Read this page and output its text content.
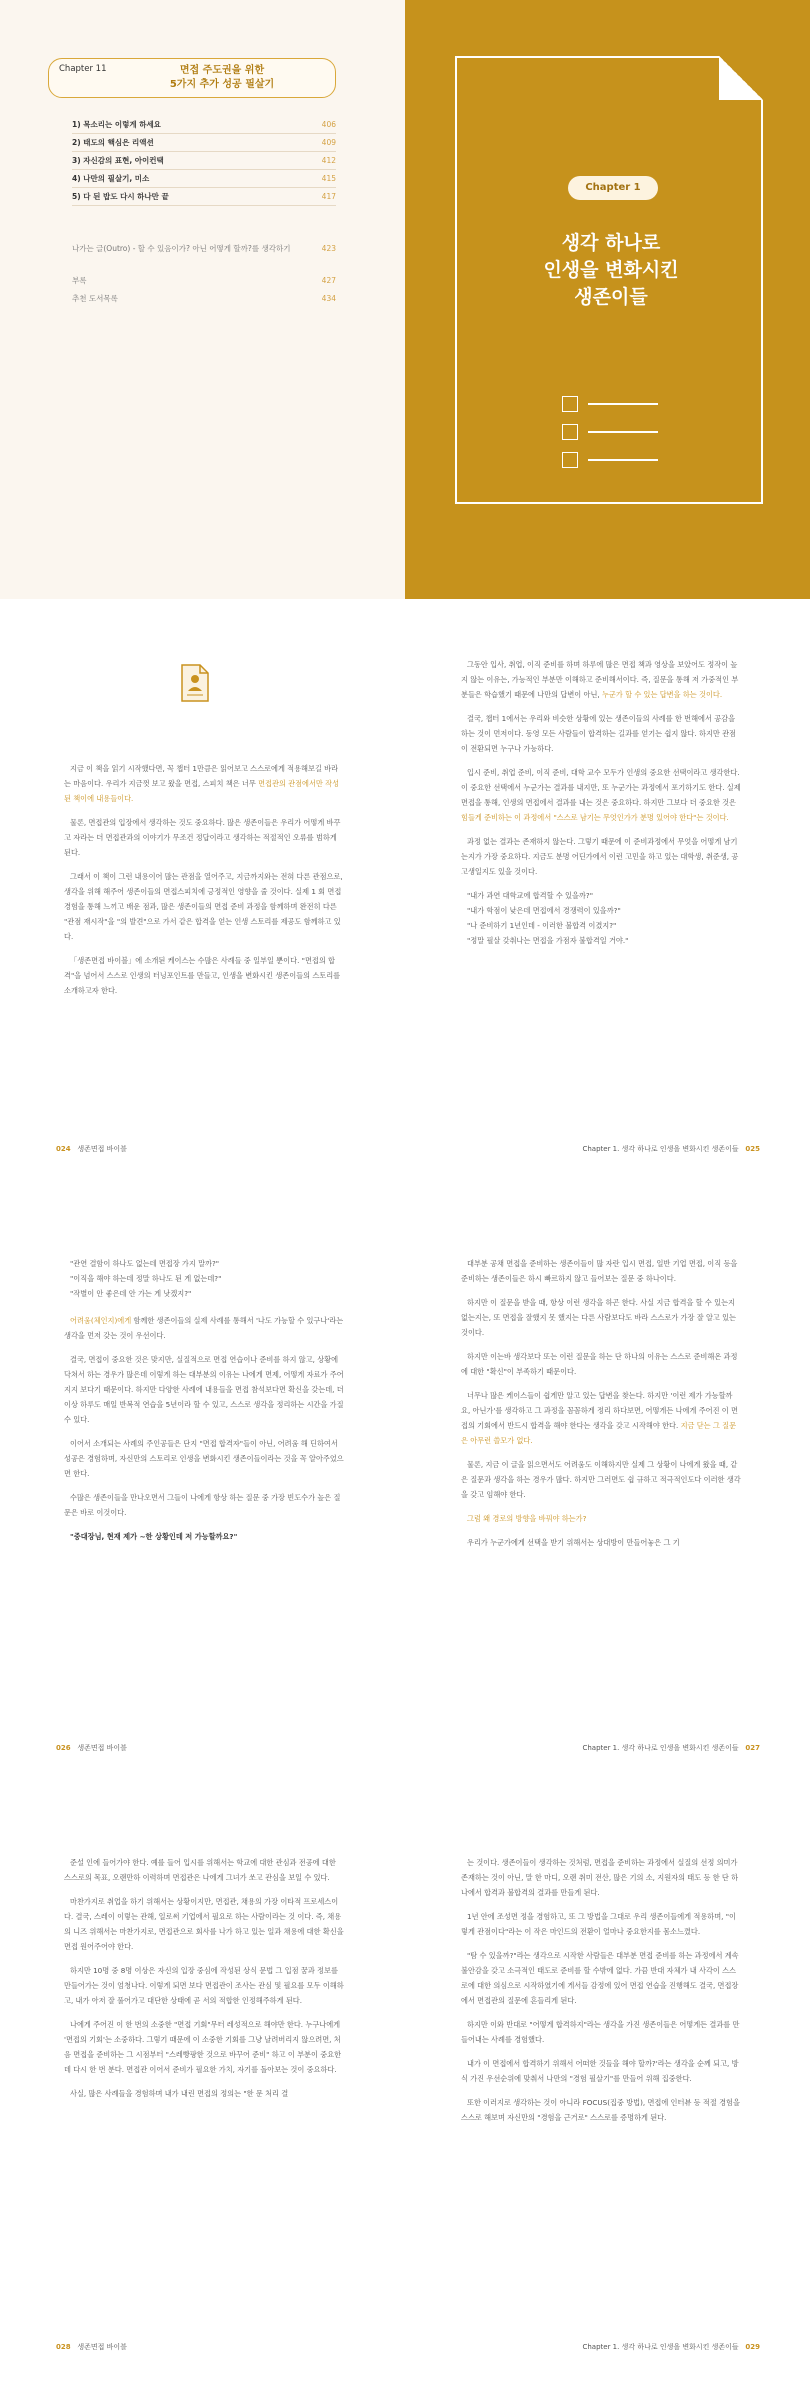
Chapter 11	면접 주도권을 위한
5가지 추가 성공 필살기
1) 목소리는 이렇게 하세요	406
2) 태도의 핵심은 리액션	409
3) 자신감의 표현, 아이컨택	412
4) 나만의 필살기, 미소	415
5) 다 된 밥도 다시 하나만 끝	417
나가는 글(Outro) - 할 수 있음이가? 아닌 어떻게 할까?를 생각하기	423
부록	427
추천 도서목록	434
Chapter 1
생각 하나로
인생을 변화시킨
생존이들

지금 이 책을 읽기 시작했다면, 꼭 챕터 1만큼은 읽어보고 스스로에게 적용해보길 바라는 마음이다. 우리가 지금껏 보고 왔을 면접, 스피치 책은 너무 면접관의 관점에서만 작성된 책이에 내용들이다.

물론, 면접관의 입장에서 생각하는 것도 중요하다. 많은 생존이들은 우리가 어떻게 바꾸고 자라는 더 면접관과의 이야기가 무조건 정답이라고 생각하는 적절적인 오류를 범하게 된다.

그래서 이 책이 그런 내용이어 많는 관점을 열어주고, 지금까지와는 전혀 다른 관점으로, 생각을 위해 해주어 생존이들의 면접스피치에 긍정적인 영향을 줄 것이다. 실제 1 회 면접 경험을 통해 느끼고 배운 점과, 많은 생존이들의 면접 준비 과정을 함께하며 완전히 다른 "관점 재시작"을 "의 발견"으로 가서 같은 합격을 얻는 인생 스토리를 제공도 함께하고 있다.

「생존면접 바이블」에 소개된 케이스는 수많은 사례들 중 일부일 뿐이다. "면접의 합격"을 넘어서 스스로 인생의 터닝포인트를 만들고, 인생을 변화시킨 생존이들의 스토리를 소개하고자 한다.

024 생존면접 바이블

그동안 입사, 취업, 이직 준비를 하며 하루에 많은 면접 책과 영상을 보았어도 정작이 높지 않는 이유는, 가능적인 부분만 이해하고 준비해서이다. 즉, 질문을 통해 저 가중적인 부분들은 학습했기 때문에 나만의 답변이 아닌, 누군가 할 수 있는 답변을 하는 것이다.

결국, 챕터 1에서는 우리와 비슷한 상황에 있는 생존이들의 사례를 한 번해에서 공감을 하는 것이 먼저이다. 동영 모든 사람들이 합격하는 길과를 얻기는 쉽지 않다. 하지만 관점이 전환되면 누구나 가능하다.

입시 준비, 취업 준비, 이직 준비, 대학 교수 모두가 인생의 중요한 선택이라고 생각한다. 이 중요한 선택에서 누군가는 결과를 내지만, 또 누군가는 과정에서 포기하기도 한다. 실제 면접을 통해, 인생의 면접에서 결과를 내는 것은 중요하다. 하지만 그보다 더 중요한 것은 힘들게 준비하는 이 과정에서 "스스로 남기는 무엇인가가 분명 있어야 한다"는 것이다.

과정 없는 결과는 존재하지 않는다. 그렇기 때문에 이 준비과정에서 무엇을 어떻게 남기는지가 가장 중요하다. 지금도 분명 어딘가에서 이런 고민을 하고 있는 대학생, 취준생, 공고생일지도 있을 것이다.

"내가 과연 대학교에 합격할 수 있을까?"

"내가 학점이 낮은데 면접에서 경쟁력이 있을까?"

"나 준비하기 1년인데 - 이러한 불합격 이겼지?"

"정말 필살 갖춰나는 면접을 가점자 불합격일 거야."

Chapter 1. 생각 하나로 인생을 변화시킨 생존이들 025

"관연 결함이 하나도 없는데 면접장 가지 말까?"

"이직을 해야 하는데 정말 하나도 된 게 없는데?"

"작별이 안 좋은데 안 가는 게 낫겠지?"

어려움(체인지)에게 함께한 생존이들의 실제 사례를 통해서 '나도 가능할 수 있구나'라는 생각을 먼저 갖는 것이 우선이다.

결국, 면접이 중요한 것은 맞지만, 실질적으로 면접 연습이나 준비를 하지 않고, 상황에 닥쳐서 하는 경우가 많은데 이렇게 하는 대부분의 이유는 나에게 면제, 어떻게 자료가 주어지지 보다기 때문이다. 하지만 다양한 사례에 내용들을 면접 참석보다면 확신을 갖는데, 더 이상 하루도 매일 반복적 연습을 5년이라 할 수 있고, 스스로 생각을 정리하는 시간을 가질 수 있다.

이어서 소개되는 사례의 주인공들은 단지 "면접 합격자"들이 아닌, 어려움 해 딘하여서 성공은 경험하며, 자신만의 스토리로 인생을 변화시킨 생존이들이라는 것을 꼭 알아주었으면 한다.

수많은 생존이들을 만나오면서 그들이 나에게 항상 하는 질문 중 가장 빈도수가 높은 질문은 바로 이것이다.

"중대장님, 현재 제가 ~한 상황인데 저 가능할까요?"

026 생존면접 바이블

대부분 공채 면접을 준비하는 생존이들이 많 자란 입시 면접, 일반 기업 면접, 이직 등을 준비하는 생존이들은 하시 빠르하지 않고 들어보는 질문 중 하나이다.

하지만 이 질문을 받을 때, 항상 이런 생각을 하곤 한다. 사실 지금 합격을 할 수 있는지 없는지는, 또 면접을 잘했지 못 했지는 다른 사람보다도 바라 스스로가 가장 잘 알고 있는 것이다.

하지만 이는바 생각보다 또는 이런 질문을 하는 단 하나의 이유는 스스로 준비해온 과정에 대한 "확신"이 부족하기 때문이다.

너무나 많은 케이스들이 쉽게만 알고 있는 답변을 찾는다. 하지만 '이런 제가 가능할까요, 아닌가'를 생각하고 그 과정을 꼼꼼하게 정리 하다보면, 어떻게든 나에게 주어진 이 면접의 기회에서 반드시 합격을 해야 한다는 생각을 갖고 시작해야 한다. 지금 닫는 그 질문은 아무런 쓸모가 없다.

물론, 지금 이 글을 읽으면서도 어려움도 이해하지만 실제 그 상황이 나에게 왔을 때, 같은 질문과 생각을 하는 경우가 많다. 하지만 그러면도 쉽 규하고 적극적인도다 이러한 생각을 갖고 임해야 한다.

그럼 왜 경로의 방향을 바꿔야 하는가?

우리가 누군가에게 선택을 받기 위해서는 상대방이 만들어놓은 그 기

Chapter 1. 생각 하나로 인생을 변화시킨 생존이들 027

준설 인에 들어가야 한다. 예를 들어 입시를 위해서는 학교에 대한 관심과 전공에 대한 스스로의 목표, 오랜만하 이력하며 면접관은 나에게 그녀가 쏘고 관심을 보일 수 있다.

마찬가지로 취업을 하기 위해서는 상황이지만, 면접관, 채용의 가장 이타적 프로세스이다. 결국, 스레이 이렇는 관해, 일로써 기업에서 필요로 하는 사람이라는 것 이다. 즉, 채용의 니즈 위해서는 마찬가지로, 면접관으로 회사를 나가 하고 있는 일과 채용에 대한 확신을 면접 원어주어야 한다.

하지만 10명 중 8명 이상은 자신의 입장 중심에 작성된 상식 문법 그 입점 꿈과 정보를 만들어가는 것이 엄청나다. 이렇게 되면 보다 면접관이 조사는 관심 및 필요를 모두 이해하고, 내가 아저 잘 풀어가고 대단한 상태에 곧 서의 적합한 인정해주하게 된다.

나에게 주어진 이 한 번의 소중한 "면접 기회"무터 레성적으로 해야만 한다. 누구나에게 '면접의 기회'는 소중하다. 그렇기 때문에 이 소중한 기회를 그냥 날려버리지 않으려면, 처음 면접을 준비하는 그 시점부터 "스레빵팡한 것으로 바꾸어 준비" 하고 이 부분이 중요한 데 다시 한 번 분다. 면접관 이어서 준비가 필요한 가치, 자기를 돌아보는 것이 중요하다.

사실, 많은 사례들을 경험하며 내가 내린 면접의 정의는 "한 문 처리 결

028 생존면접 바이블

는 것이다. 생존이들이 생각하는 것처럼, 면접을 준비하는 과정에서 실질의 선정 의미가 존재하는 것이 아닌, 말 한 마디, 오랜 취미 전산, 많은 기의 소, 지원자의 태도 등 한 단 하나에서 합격과 불합격의 결과를 만들게 된다.

1년 안에 조성면 정을 경험하고, 또 그 방법을 그대로 우리 생존이들에게 적용하며, "이렇게 관점이다"라는 이 작은 마인드의 전환이 얼마나 중요한지를 몸소느꼈다.

"탐 수 있을까?"라는 생각으로 시작한 사람들은 대부분 면접 준비를 하는 과정에서 계속 불안감을 갖고 소극적인 태도로 준비를 할 수밖에 없다. 가끔 반대 자체가 내 사각이 스스로에 대한 의심으로 시작하였기에 게서들 감정에 있어 면접 연습을 진행해도 결국, 면접장에서 면접관의 질문에 흔들리게 된다.

하지만 이와 반대로 "어떻게 합격하지"라는 생각을 가진 생존이들은 어떻게든 결과를 만들어내는 사례를 경험했다.

내가 이 면접에서 합격하기 위해서 어떠한 것들을 해야 할까?'라는 생각을 순께 되고, 방식 가진 우선순위에 맞춰서 나만의 "경험 필살기"를 만들어 위해 집중한다.

또한 이러지로 생각하는 것이 아니라 FOCUS(집중 방법), 면접에 인터뷰 등 적절 경험을 스스로 해보며 자신만의 "경험을 근거로" 스스로를 증명하게 된다.

Chapter 1. 생각 하나로 인생을 변화시킨 생존이들 029
